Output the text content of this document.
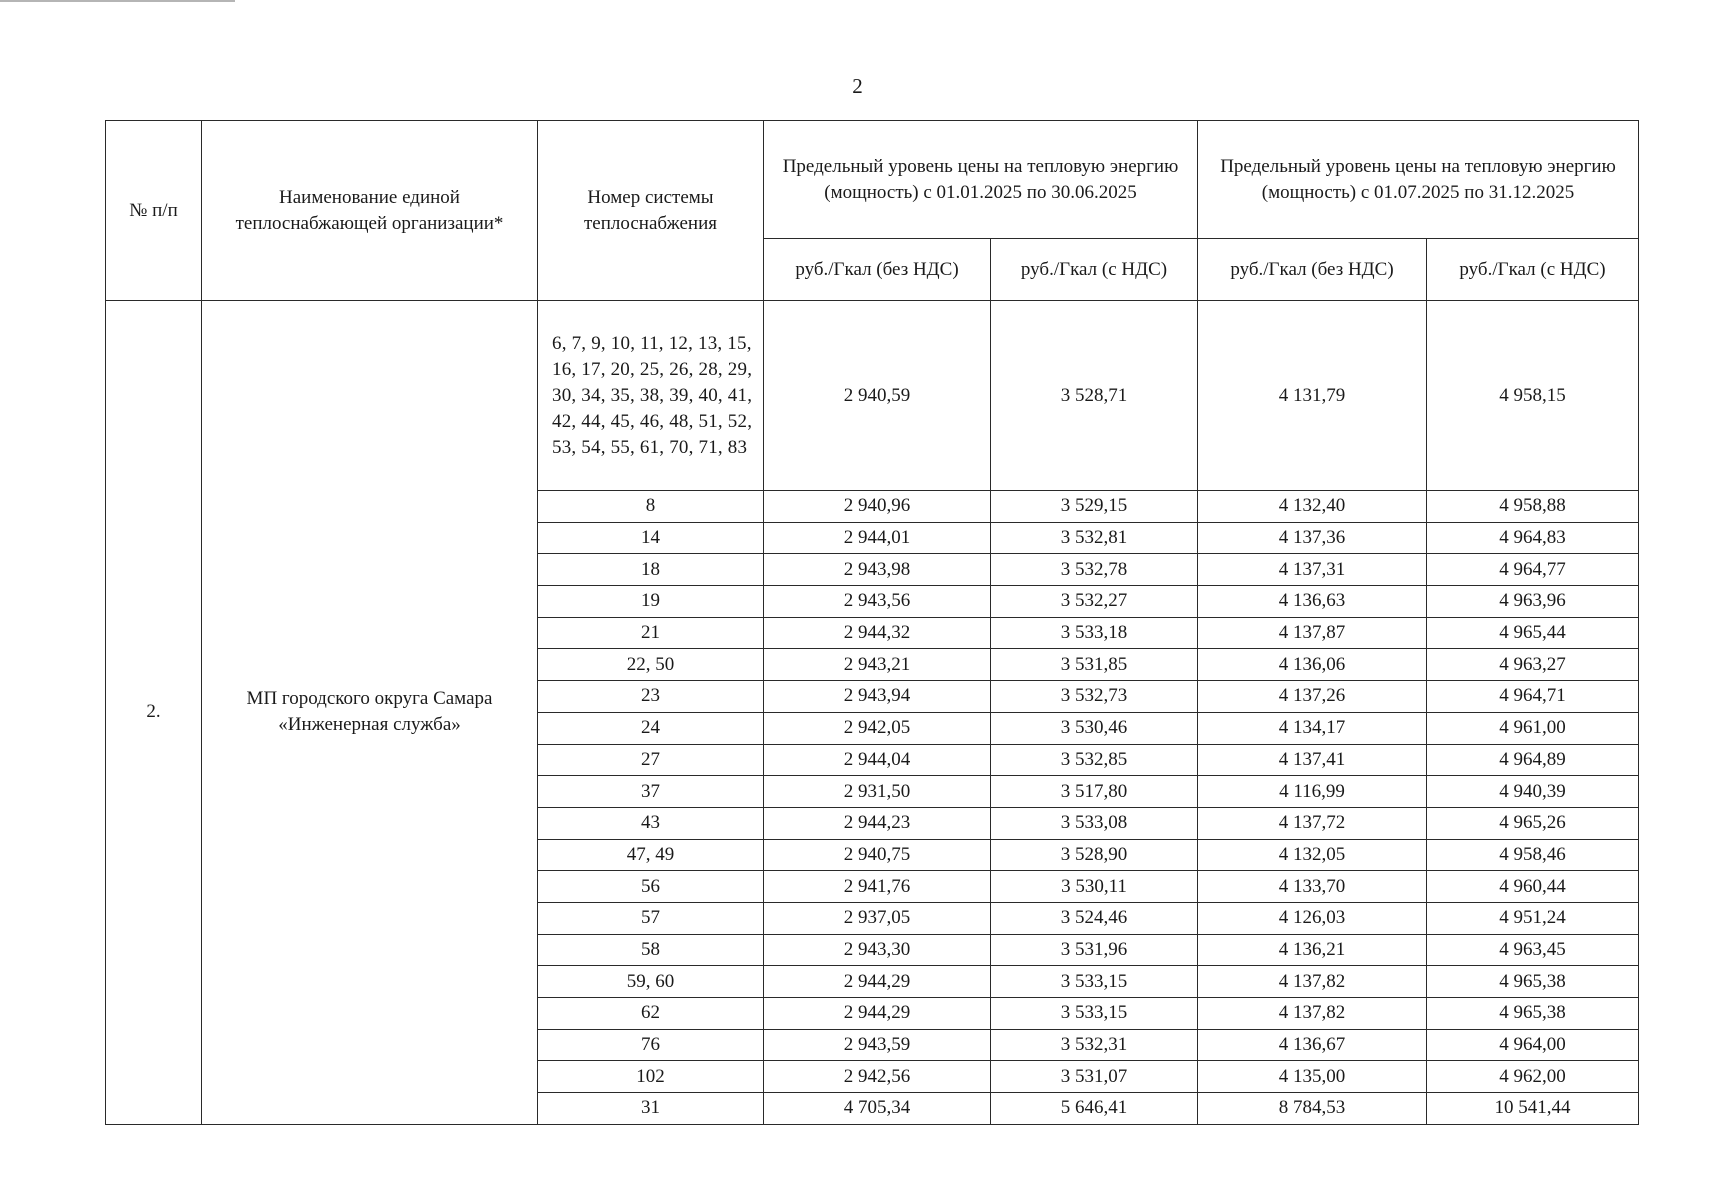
2
№ п/п	Наименование единой теплоснабжающей организации*	Номер системы теплоснабжения	Предельный уровень цены на тепловую энергию (мощность) с 01.01.2025 по 30.06.2025		Предельный уровень цены на тепловую энергию (мощность) с 01.07.2025 по 31.12.2025	
			руб./Гкал (без НДС)	руб./Гкал (с НДС)	руб./Гкал (без НДС)	руб./Гкал (с НДС)
2.	МП городского округа Самара «Инженерная служба»	6, 7, 9, 10, 11, 12, 13, 15, 16, 17, 20, 25, 26, 28, 29, 30, 34, 35, 38, 39, 40, 41, 42, 44, 45, 46, 48, 51, 52, 53, 54, 55, 61, 70, 71, 83	2 940,59	3 528,71	4 131,79	4 958,15
		8	2 940,96	3 529,15	4 132,40	4 958,88
		14	2 944,01	3 532,81	4 137,36	4 964,83
		18	2 943,98	3 532,78	4 137,31	4 964,77
		19	2 943,56	3 532,27	4 136,63	4 963,96
		21	2 944,32	3 533,18	4 137,87	4 965,44
		22, 50	2 943,21	3 531,85	4 136,06	4 963,27
		23	2 943,94	3 532,73	4 137,26	4 964,71
		24	2 942,05	3 530,46	4 134,17	4 961,00
		27	2 944,04	3 532,85	4 137,41	4 964,89
		37	2 931,50	3 517,80	4 116,99	4 940,39
		43	2 944,23	3 533,08	4 137,72	4 965,26
		47, 49	2 940,75	3 528,90	4 132,05	4 958,46
		56	2 941,76	3 530,11	4 133,70	4 960,44
		57	2 937,05	3 524,46	4 126,03	4 951,24
		58	2 943,30	3 531,96	4 136,21	4 963,45
		59, 60	2 944,29	3 533,15	4 137,82	4 965,38
		62	2 944,29	3 533,15	4 137,82	4 965,38
		76	2 943,59	3 532,31	4 136,67	4 964,00
		102	2 942,56	3 531,07	4 135,00	4 962,00
		31	4 705,34	5 646,41	8 784,53	10 541,44
